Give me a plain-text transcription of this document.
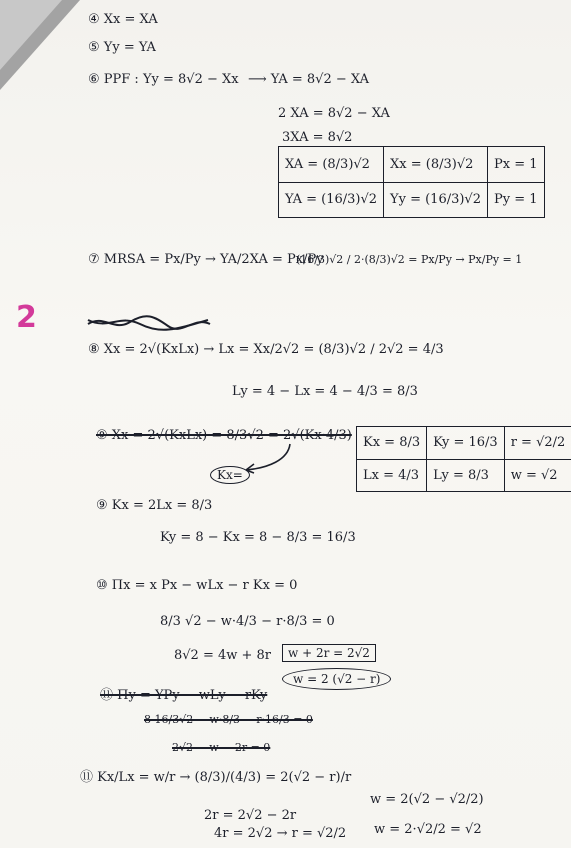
2
④ Xx = XA
⑤ Yy = YA
⑥ PPF : Yy = 8√2 − Xx ⟶ YA = 8√2 − XA
2 XA = 8√2 − XA
3XA = 8√2
XA = (8/3)√2	Xx = (8/3)√2	Px = 1
YA = (16/3)√2	Yy = (16/3)√2	Py = 1
⑦ MRSA = Px/Py → YA/2XA = Px/Py
(16/3)√2 / 2·(8/3)√2 = Px/Py → Px/Py = 1
⑧ Xx = 2√(KxLx) → Lx = Xx/2√2 = (8/3)√2 / 2√2 = 4/3
Ly = 4 − Lx = 4 − 4/3 = 8/3
⑨ Xx = 2√(KxLx) = 8/3√2 = 2√(Kx·4/3)
Kx=
Kx = 8/3	Ky = 16/3	r = √2/2
Lx = 4/3	Ly = 8/3	w = √2
⑨ Kx = 2Lx = 8/3
Ky = 8 − Kx = 8 − 8/3 = 16/3
⑩ Πx = x Px − wLx − r Kx = 0
8/3 √2 − w·4/3 − r·8/3 = 0
8√2 = 4w + 8r	w + 2r = 2√2
w = 2 (√2 − r)
⑪ Πy = YPy − wLy − rKy
8 16/3√2 − w·8/3 − r·16/3 = 0
2√2 − w − 2r = 0
⑪ Kx/Lx = w/r → (8/3)/(4/3) = 2(√2 − r)/r
2r = 2√2 − 2r
4r = 2√2 → r = √2/2
w = 2(√2 − √2/2)
w = 2·√2/2 = √2
